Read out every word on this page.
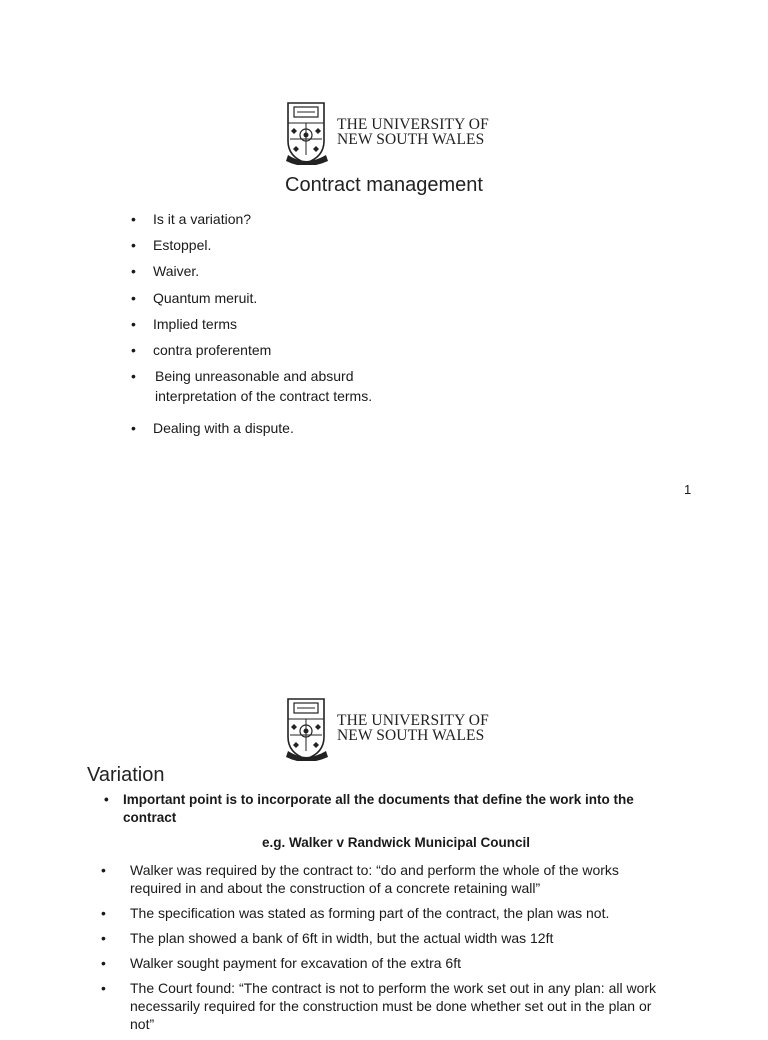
THE UNIVERSITY OF
NEW SOUTH WALES
Contract management
• Is it a variation?
• Estoppel.
• Waiver.
• Quantum meruit.
• Implied terms
• contra proferentem
• Being unreasonable and absurd
interpretation of the contract terms.
• Dealing with a dispute.
1
THE UNIVERSITY OF
NEW SOUTH WALES
Variation
•	Important point is to incorporate all the documents that define the work into the contract
e.g. Walker v Randwick Municipal Council
• Walker was required by the contract to: “do and perform the whole of the works required in and about the construction of a concrete retaining wall”
• The specification was stated as forming part of the contract, the plan was not.
• The plan showed a bank of 6ft in width, but the actual width was 12ft
• Walker sought payment for excavation of the extra 6ft
• The Court found: “The contract is not to perform the work set out in any plan: all work necessarily required for the construction must be done whether set out in the plan or not”
